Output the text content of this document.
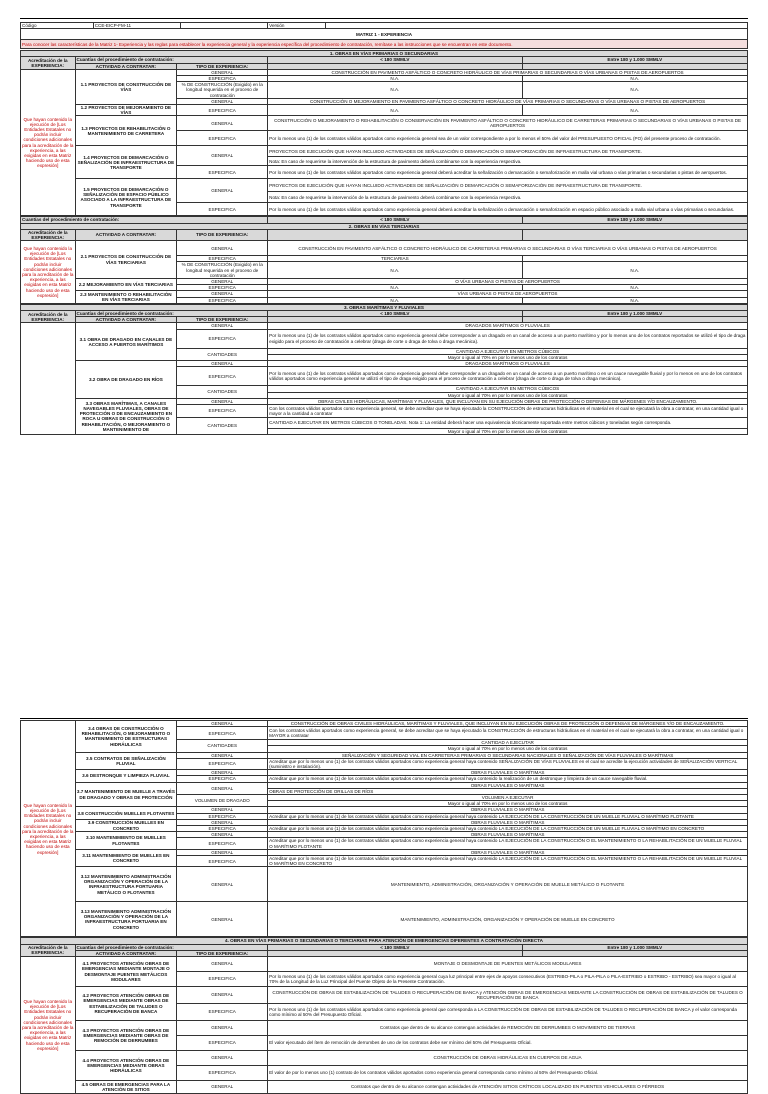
Código	CCE-EICP-FM-11		Versión	
MATRIZ 1 - EXPERIENCIA
Para conocer las características de la Matriz 1- Experiencia y las reglas para establecer la experiencia general y la experiencia específica del procedimiento de contratación, remítase a las instrucciones que se encuentran en este documento.
1. OBRAS EN VÍAS PRIMARIAS O SECUNDARIAS				
Acreditación de la EXPERIENCIA:	Cuantías del procedimiento de contratación:		< 180 SMMLV	Entre 180 y 1.000 SMMLV
	ACTIVIDAD A CONTRATAR:	TIPO DE EXPERIENCIA:		
Que hayan contenido la ejecución de [Los Entidades Estatales no podrán incluir condiciones adicionales para la acreditación de la experiencia, a las exigidas en esta Matriz haciendo uso de esta expresión]	1.1 PROYECTOS DE CONSTRUCCIÓN DE VÍAS	GENERAL	CONSTRUCCIÓN EN PAVIMENTO ASFÁLTICO O CONCRETO HIDRÁULICO DE VÍAS PRIMARIAS O SECUNDARIAS O VÍAS URBANAS O PISTAS DE AEROPUERTOS	
		ESPECIFICA	N.A.	N.A.
		% DE CONSTRUCCIÓN (Exigido) en la longitud requerida en el proceso de contratación	N.A.	N.A.
		GENERAL	CONSTRUCCIÓN O MEJORAMIENTO EN PAVIMENTO ASFÁLTICO O CONCRETO HIDRÁULICO DE VÍAS PRIMARIAS O SECUNDARIAS O VÍAS URBANAS O PISTAS DE AEROPUERTOS	
	1.2 PROYECTOS DE MEJORAMIENTO DE VÍAS	ESPECIFICA	N.A.	N.A.
	1.3 PROYECTOS DE REHABILITACIÓN O MANTENIMIENTO DE CARRETERA	GENERAL	CONSTRUCCIÓN O MEJORAMIENTO O REHABILITACIÓN O CONSERVACIÓN EN PAVIMENTO ASFÁLTICO O CONCRETO HIDRÁULICO DE CARRETERAS PRIMARIAS O SECUNDARIAS O VÍAS URBANAS O PISTAS DE AEROPUERTOS	
		ESPECIFICA	Por lo menos uno (1) de los contratos válidos aportados como experiencia general sea de un valor correspondiente a por lo menos el 50% del valor del PRESUPUESTO OFICIAL (PO) del presente proceso de contratación.	
	1.4 PROYECTOS DE DEMARCACIÓN O SEÑALIZACIÓN DE INFRAESTRUCTURA DE TRANSPORTE	GENERAL	PROYECTOS DE EJECUCIÓN QUE HAYAN INCLUIDO ACTIVIDADES DE SEÑALIZACIÓN O DEMARCACIÓN O SEMAFORIZACIÓN DE INFRAESTRUCTURA DE TRANSPORTE.	
			Nota: En caso de requerirse la intervención de la estructura de pavimento deberá combinarse con la experiencia respectiva.	
		ESPECIFICA	Por lo menos uno (1) de los contratos válidos aportados como experiencia general deberá acreditar la señalización o demarcación o semaforización en malla vial urbana o vías primarias o secundarias o pistas de aeropuertos.	
	1.5 PROYECTOS DE DEMARCACIÓN O SEÑALIZACIÓN DE ESPACIO PÚBLICO ASOCIADO A LA INFRAESTRUCTURA DE TRANSPORTE	GENERAL	PROYECTOS DE EJECUCIÓN QUE HAYAN INCLUIDO ACTIVIDADES DE SEÑALIZACIÓN O DEMARCACIÓN O SEMAFORIZACIÓN DE INFRAESTRUCTURA DE TRANSPORTE.	
			Nota: En caso de requerirse la intervención de la estructura de pavimento deberá combinarse con la experiencia respectiva.	
		ESPECIFICA	Por lo menos uno (1) de los contratos válidos aportados como experiencia general deberá acreditar la señalización o demarcación o semaforización en espacio público asociado a malla vial urbana o vías primarias o secundarias.	
Cuantías del procedimiento de contratación:			< 180 SMMLV	Entre 180 y 1.000 SMMLV
2. OBRAS EN VÍAS TERCIARIAS				
Acreditación de la EXPERIENCIA:	ACTIVIDAD A CONTRATAR:	TIPO DE EXPERIENCIA:		
Que hayan contenido la ejecución de [Los Entidades Estatales no podrán incluir condiciones adicionales para la acreditación de la experiencia, a las exigidas en esta Matriz haciendo uso de esta expresión]	2.1 PROYECTOS DE CONSTRUCCIÓN DE VÍAS TERCIARIAS	GENERAL	CONSTRUCCIÓN EN PAVIMENTO ASFÁLTICO O CONCRETO HIDRÁULICO DE CARRETERAS PRIMARIAS O SECUNDARIAS O VÍAS TERCIARIAS O VÍAS URBANAS O PISTAS DE AEROPUERTOS	
		ESPECIFICA	TERCIARIAS	
		% DE CONSTRUCCIÓN (Exigido) en la longitud requerida en el proceso de contratación	N.A.	N.A.
	2.2 MEJORAMIENTO EN VÍAS TERCIARIAS	GENERAL	O VÍAS URBANAS O PISTAS DE AEROPUERTOS	
		ESPECIFICA	N.A.	N.A.
	2.3 MANTENIMIENTO O REHABILITACIÓN EN VÍAS TERCIARIAS	GENERAL	VÍAS URBANAS O PISTAS DE AEROPUERTOS	
		ESPECIFICA	N.A.	N.A.
3. OBRAS MARÍTIMAS Y FLUVIALES				
Acreditación de la EXPERIENCIA:	Cuantías del procedimiento de contratación:		< 180 SMMLV	Entre 180 y 1.000 SMMLV
	ACTIVIDAD A CONTRATAR:	TIPO DE EXPERIENCIA:		
	3.1 OBRA DE DRAGADO EN CANALES DE ACCESO A PUERTOS MARÍTIMOS	GENERAL	DRAGADOS MARÍTIMOS O FLUVIALES	
		ESPECIFICA	Por lo menos uno (1) de los contratos válidos aportados como experiencia general debe corresponder a un dragado en un canal de acceso a un puerto marítimo y por lo menos uno de los contratos reportados se utilizó el tipo de draga exigido para el proceso de contratación a celebrar (draga de corte o draga de tolva o draga mecánica).	
		CANTIDADES	CANTIDAD A EJECUTAR EN METROS CÚBICOS	
			Mayor o igual al 70% en por lo menos uno de los contratos	
	3.2 OBRA DE DRAGADO EN RÍOS	GENERAL	DRAGADOS MARÍTIMOS O FLUVIALES	
		ESPECIFICA	Por lo menos uno (1) de los contratos válidos aportados como experiencia general debe corresponder a un dragado en un canal de acceso a un puerto marítimo o en un cauce navegable fluvial y por lo menos en uno de los contratos válidos aportados como experiencia general se utilizó el tipo de draga exigido para el proceso de contratación a celebrar (draga de corte o draga de tolva o draga mecánica).	
		CANTIDADES	CANTIDAD A EJECUTAR EN METROS CÚBICOS	
			Mayor o igual al 70% en por lo menos uno de los contratos	
	3.3 OBRAS MARÍTIMAS, A CANALES NAVEGABLES FLUVIALES, OBRAS DE PROTECCIÓN O DE ENCAUZAMIENTO EN ROCA U OBRAS DE CONSTRUCCIÓN O REHABILITACIÓN, O MEJORAMIENTO O MANTENIMIENTO DE	GENERAL	OBRAS CIVILES HIDRÁULICAS, MARÍTIMAS Y FLUVIALES, QUE INCLUYAN EN SU EJECUCIÓN OBRAS DE PROTECCIÓN O DEFENSAS DE MÁRGENES Y/O ENCAUZAMIENTO.	
		ESPECIFICA	Con los contratos válidos aportados como experiencia general, se debe acreditar que se haya ejecutado la CONSTRUCCIÓN de estructuras hidráulicas en el material en el cual se ejecutará la obra a contratar, en una cantidad igual o mayor a la cantidad a contratar	
		CANTIDADES	CANTIDAD A EJECUTAR EN METROS CÚBICOS O TONELADAS. Nota 1: La entidad deberá hacer una equivalencia técnicamente soportada entre metros cúbicos y toneladas según corresponda.	
			Mayor o igual al 70% en por lo menos uno de los contratos	
Que hayan contenido la ejecución de [Los Entidades Estatales no podrán incluir condiciones adicionales para la acreditación de la experiencia, a las exigidas en esta Matriz haciendo uso de esta expresión]	3.4 OBRAS DE CONSTRUCCIÓN O REHABILITACIÓN, O MEJORAMIENTO O MANTENIMIENTO DE ESTRUCTURAS HIDRÁULICAS	GENERAL	CONSTRUCCIÓN DE OBRAS CIVILES HIDRÁULICAS, MARÍTIMAS Y FLUVIALES, QUE INCLUYAN EN SU EJECUCIÓN OBRAS DE PROTECCIÓN O DEFENSAS DE MÁRGENES Y/O DE ENCAUZAMIENTO.
		ESPECIFICA	Con los contratos válidos aportados como experiencia general, se debe acreditar que se haya ejecutado la CONSTRUCCIÓN de estructuras hidráulicas en el material en el cual se ejecutará la obra a contratar, en una cantidad igual o MAYOR a contratar
		CANTIDADES	CANTIDAD A EJECUTAR
			Mayor o igual al 70% en por lo menos uno de los contratos
	3.5 CONTRATOS DE SEÑALIZACIÓN FLUVIAL	GENERAL	SEÑALIZACIÓN Y SEGURIDAD VIAL EN CARRETERAS PRIMARIAS O SECUNDARIAS NACIONALES O SEÑALIZACIÓN DE VÍAS FLUVIALES O MARÍTIMAS
		ESPECIFICA	Acreditar que por lo menos uno (1) de los contratos válidos aportados como experiencia general haya contenido SEÑALIZACIÓN DE VÍAS FLUVIALES en el cual se acredite la ejecución actividades de SEÑALIZACIÓN VERTICAL (suministro e instalación).
	3.6 DESTRONQUE Y LIMPIEZA FLUVIAL	GENERAL	OBRAS FLUVIALES O MARÍTIMAS
		ESPECIFICA	Acreditar que por lo menos uno (1) de los contratos válidos aportados como experiencia general haya contenido la realización de un destronque y limpieza de un cauce navegable fluvial.
	3.7 MANTENIMIENTO DE MUELLE A TRAVÉS DE DRAGADO Y OBRAS DE PROTECCIÓN	GENERAL	OBRAS FLUVIALES O MARÍTIMAS
			OBRAS DE PROTECCIÓN DE ORILLAS DE RÍOS
		VOLUMEN DE DRAGADO	VOLUMEN A EJECUTAR
			Mayor o igual al 70% en por lo menos uno de los contratos
	3.8 CONSTRUCCIÓN MUELLES FLOTANTES	GENERAL	OBRAS FLUVIALES O MARÍTIMAS
		ESPECIFICA	Acreditar que por lo menos uno (1) de los contratos válidos aportados como experiencia general haya contenido LA EJECUCIÓN DE LA CONSTRUCCIÓN DE UN MUELLE FLUVIAL O MARÍTIMO FLOTANTE
	3.9 CONSTRUCCIÓN MUELLES EN CONCRETO	GENERAL	OBRAS FLUVIALES O MARÍTIMAS
		ESPECIFICA	Acreditar que por lo menos uno (1) de los contratos válidos aportados como experiencia general haya contenido LA EJECUCIÓN DE LA CONSTRUCCIÓN DE UN MUELLE FLUVIAL O MARÍTIMO EN CONCRETO
	3.10 MANTENIMIENTO DE MUELLES FLOTANTES	GENERAL	OBRAS FLUVIALES O MARÍTIMAS
		ESPECIFICA	Acreditar que por lo menos uno (1) de los contratos válidos aportados como experiencia general haya contenido LA EJECUCIÓN DE LA CONSTRUCCIÓN O EL MANTENIMIENTO O LA REHABILITACIÓN DE UN MUELLE FLUVIAL O MARÍTIMO FLOTANTE
	3.11 MANTENIMIENTO DE MUELLES EN CONCRETO	GENERAL	OBRAS FLUVIALES O MARÍTIMAS
		ESPECIFICA	Acreditar que por lo menos uno (1) de los contratos válidos aportados como experiencia general haya contenido LA EJECUCIÓN DE LA CONSTRUCCIÓN O EL MANTENIMIENTO O LA REHABILITACIÓN DE UN MUELLE FLUVIAL O MARÍTIMO EN CONCRETO
	3.12 MANTENIMIENTO ADMINISTRACIÓN ORGANIZACIÓN Y OPERACIÓN DE LA INFRAESTRUCTURA PORTUARIA METÁLICO O FLOTANTES	GENERAL	MANTENIMIENTO, ADMINISTRACIÓN, ORGANIZACIÓN Y OPERACIÓN DE MUELLE METÁLICO O FLOTANTE
	3.13 MANTENIMIENTO ADMINISTRACIÓN ORGANIZACIÓN Y OPERACIÓN DE LA INFRAESTRUCTURA PORTUARIA EN CONCRETO	GENERAL	MANTENIMIENTO, ADMINISTRACIÓN, ORGANIZACIÓN Y OPERACIÓN DE MUELLE EN CONCRETO
4. OBRAS EN VÍAS PRIMARIAS O SECUNDARIAS O TERCIARIAS PARA ATENCIÓN DE EMERGENCIAS DIFERENTES A CONTRATACIÓN DIRECTA				
Acreditación de la EXPERIENCIA:	Cuantías del procedimiento de contratación:		< 180 SMMLV	Entre 180 y 1.000 SMMLV
	ACTIVIDAD A CONTRATAR:	TIPO DE EXPERIENCIA:		
Que hayan contenido la ejecución de [Los Entidades Estatales no podrán incluir condiciones adicionales para la acreditación de la experiencia, a las exigidas en esta Matriz haciendo uso de esta expresión]	4.1 PROYECTOS ATENCIÓN OBRAS DE EMERGENCIAS MEDIANTE MONTAJE O DESMONTAJE PUENTES METÁLICOS MODULARES	GENERAL	MONTAJE O DESMONTAJE DE PUENTES METÁLICOS MODULARES	
		ESPECIFICA	Por lo menos uno (1) de los contratos válidos aportados como experiencia general cuya luz principal entre ejes de apoyos consecutivos (ESTRIBO-PILA o PILA-PILA o PILA-ESTRIBO o ESTRIBO - ESTRIBO) sea mayor o igual al 70% de la Longitud de la Luz Principal del Puente Objeto de la Presente Contratación.	
	4.2 PROYECTOS ATENCIÓN OBRAS DE EMERGENCIAS MEDIANTE OBRAS DE ESTABILIZACIÓN DE TALUDES O RECUPERACIÓN DE BANCA	GENERAL	CONSTRUCCIÓN DE OBRAS DE ESTABILIZACIÓN DE TALUDES O RECUPERACIÓN DE BANCA y ATENCIÓN OBRAS DE EMERGENCIAS MEDIANTE LA CONSTRUCCIÓN DE OBRAS DE ESTABILIZACIÓN DE TALUDES O RECUPERACIÓN DE BANCA	
		ESPECIFICA	Por lo menos uno (1) de los contratos válidos aportados como experiencia general que corresponda a LA CONSTRUCCIÓN DE OBRAS DE ESTABILIZACIÓN DE TALUDES O RECUPERACIÓN DE BANCA y el valor corresponda como mínimo al 50% del Presupuesto Oficial.	
	4.3 PROYECTOS ATENCIÓN OBRAS DE EMERGENCIAS MEDIANTE OBRAS DE REMOCIÓN DE DERRUMBES	GENERAL	Contratos que dentro de su alcance contengan actividades de REMOCIÓN DE DERRUMBES O MOVIMIENTO DE TIERRAS	
		ESPECIFICA	El valor ejecutado del ítem de remoción de derrumbes de uno de los contratos debe ser mínimo del 50% del Presupuesto Oficial.	
	4.4 PROYECTOS ATENCIÓN OBRAS DE EMERGENCIAS MEDIANTE OBRAS HIDRÁULICAS	GENERAL	CONSTRUCCIÓN DE OBRAS HIDRÁULICAS EN CUERPOS DE AGUA	
		ESPECIFICA	El valor de por lo menos uno (1) contrato de los contratos válidos aportados como experiencia general corresponda como mínimo al 50% del Presupuesto Oficial.	
	4.5 OBRAS DE EMERGENCIAS PARA LA ATENCIÓN DE SITIOS	GENERAL	Contratos que dentro de su alcance contengan actividades de ATENCIÓN SITIOS CRÍTICOS LOCALIZADO EN PUENTES VEHICULARES O FÉRREOS	
